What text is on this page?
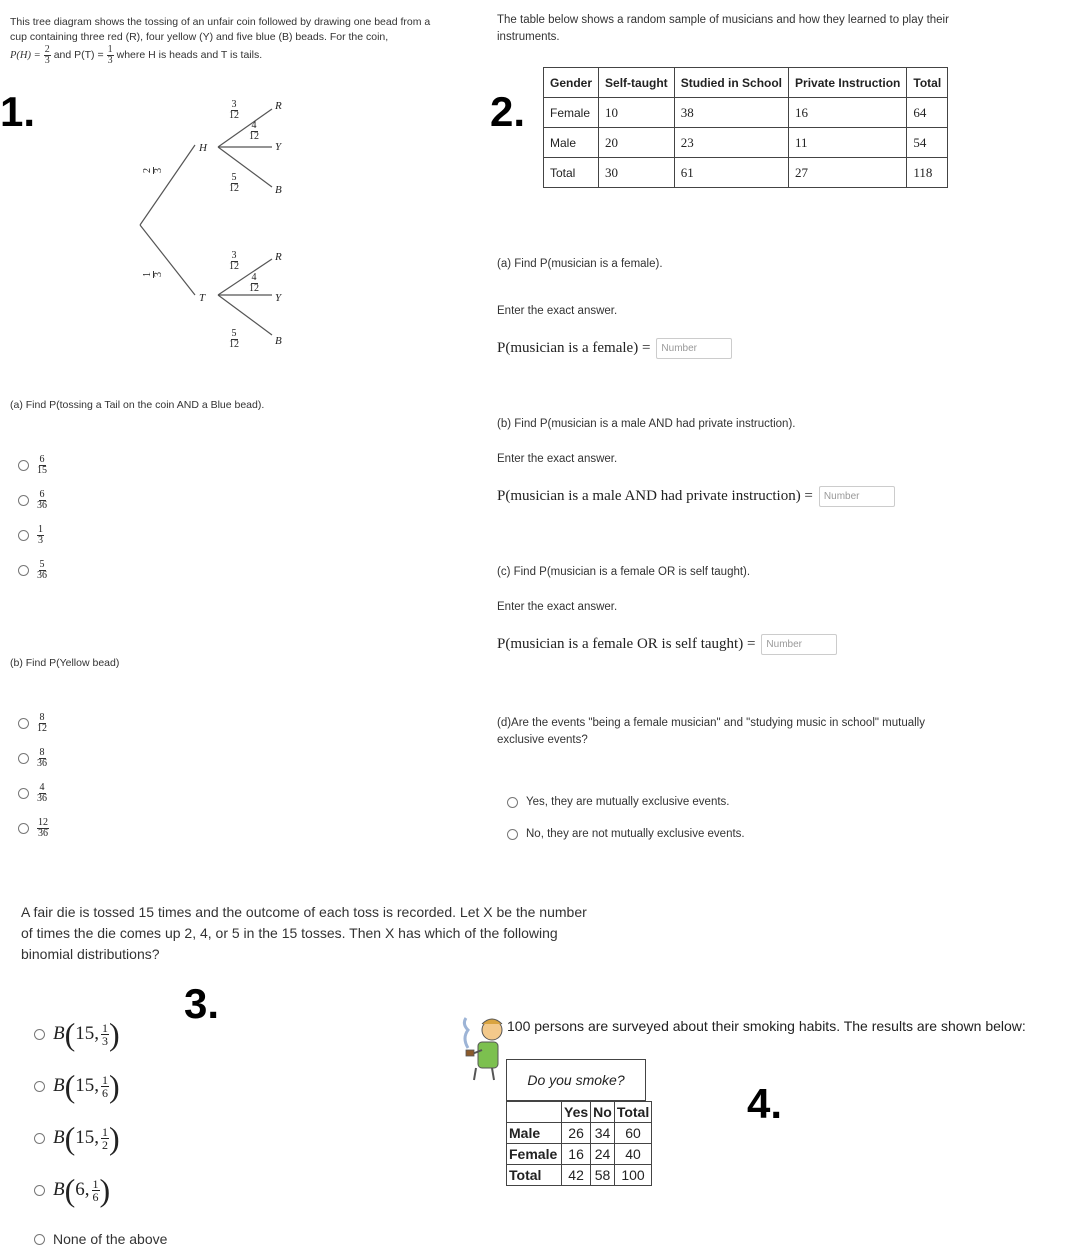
This tree diagram shows the tossing of an unfair coin followed by drawing one bead from a
cup containing three red (R), four yellow (Y) and five blue (B) beads. For the coin,
$P(H) = \frac{2}{3}$ and $P(T) = \frac{1}{3}$ where H is heads and T is tails.
1.
H
T
2 3
1 3
$\frac{3}{12}$
$\frac{4}{12}$
$\frac{5}{12}$
R
Y
B
$\frac{3}{12}$
$\frac{4}{12}$
$\frac{5}{12}$
R
Y
B
(a) Find P(tossing a Tail on the coin AND a Blue bead).
$\frac{6}{15}$
$\frac{6}{36}$
$\frac{1}{3}$
$\frac{5}{36}$
(b) Find P(Yellow bead)
$\frac{8}{12}$
$\frac{8}{36}$
$\frac{4}{36}$
$\frac{12}{36}$
The table below shows a random sample of musicians and how they learned to play their
instruments.
2.
Gender	Self-taught	Studied in School	Private Instruction	Total
Female	10	38	16	64
Male	20	23	11	54
Total	30	61	27	118
(a) Find P(musician is a female).
Enter the exact answer.
P(musician is a female) =	Number
(b) Find P(musician is a male AND had private instruction).
Enter the exact answer.
P(musician is a male AND had private instruction) =	Number
(c) Find P(musician is a female OR is self taught).
Enter the exact answer.
P(musician is a female OR is self taught) =	Number
(d)Are the events "being a female musician" and "studying music in school" mutually
exclusive events?
Yes, they are mutually exclusive events.
No, they are not mutually exclusive events.
A fair die is tossed 15 times and the outcome of each toss is recorded. Let X be the number
of times the die comes up 2, 4, or 5 in the 15 tosses. Then X has which of the following
binomial distributions?
3.
B ( 15, 1
3 )
B ( 15, 1
6 )
B ( 15, 1
2 )
B ( 6, 1
6 )
None of the above
100 persons are surveyed about their smoking habits. The results are shown below:
4.
Do you smoke?
	Yes	No	Total
Male	26	34	60
Female	16	24	40
Total	42	58	100
